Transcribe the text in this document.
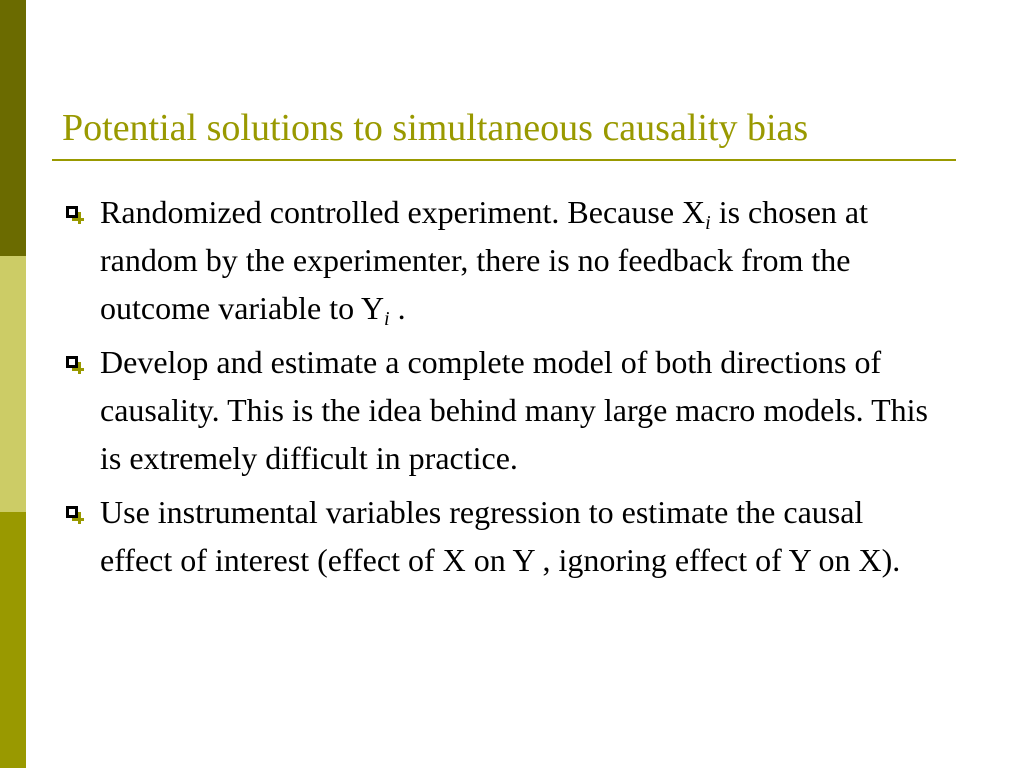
Potential solutions to simultaneous causality bias
Randomized controlled experiment. Because $X_i$ is chosen at random by the experimenter, there is no feedback from the outcome variable to $Y_i$ .
Develop and estimate a complete model of both directions of causality. This is the idea behind many large macro models. This is extremely difficult in practice.
Use instrumental variables regression to estimate the causal effect of interest (effect of X on Y , ignoring effect of Y on X).
